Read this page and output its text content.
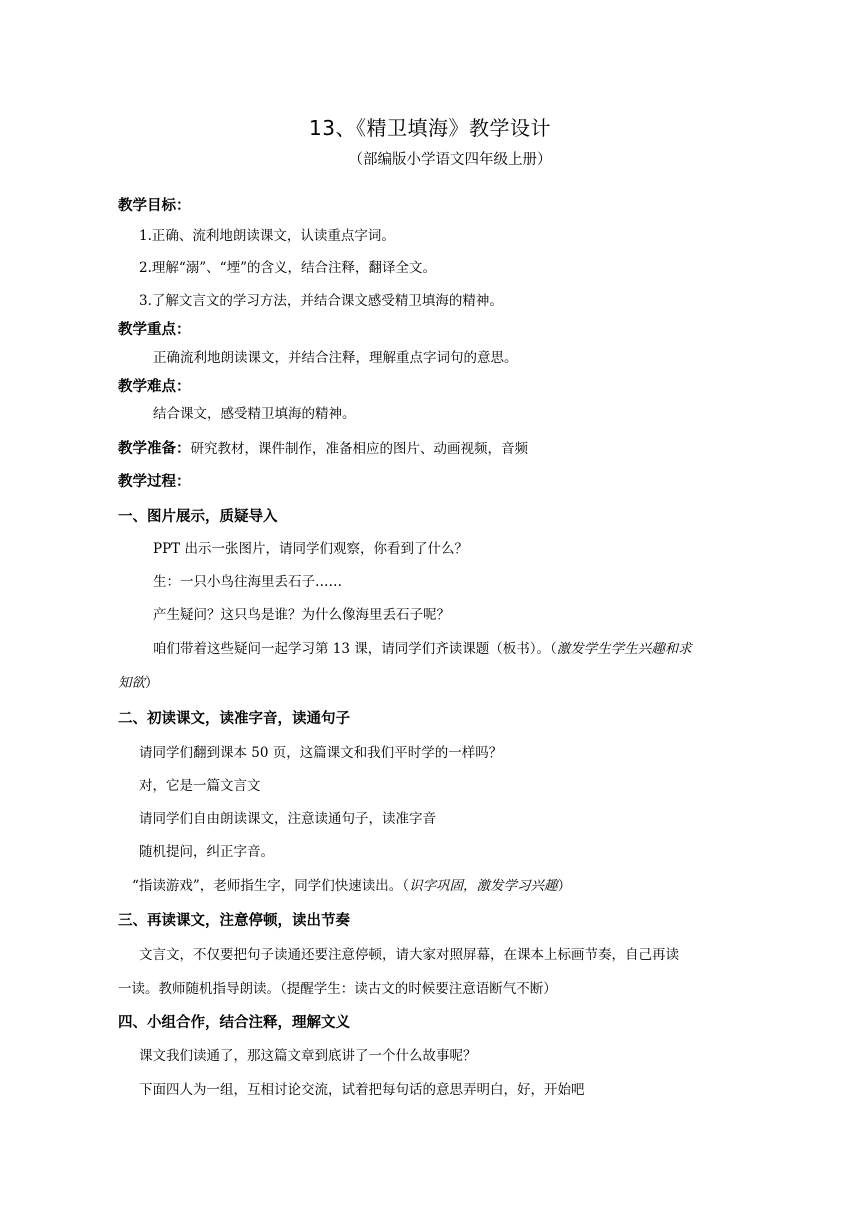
13、《精卫填海》教学设计
（部编版小学语文四年级上册）
教学目标：
1.正确、流利地朗读课文，认读重点字词。
2.理解“溺”、“堙”的含义，结合注释，翻译全文。
3.了解文言文的学习方法，并结合课文感受精卫填海的精神。
教学重点：
正确流利地朗读课文，并结合注释，理解重点字词句的意思。
教学难点：
结合课文，感受精卫填海的精神。
教学准备：研究教材，课件制作，准备相应的图片、动画视频，音频
教学过程：
一、图片展示，质疑导入
PPT 出示一张图片，请同学们观察，你看到了什么？
生：一只小鸟往海里丢石子……
产生疑问？这只鸟是谁？为什么像海里丢石子呢？
咱们带着这些疑问一起学习第 13 课，请同学们齐读课题（板书）。（激发学生学生兴趣和求
知欲）
二、初读课文，读准字音，读通句子
请同学们翻到课本 50 页，这篇课文和我们平时学的一样吗？
对，它是一篇文言文
请同学们自由朗读课文，注意读通句子，读准字音
随机提问，纠正字音。
“指读游戏”，老师指生字，同学们快速读出。（识字巩固，激发学习兴趣）
三、再读课文，注意停顿，读出节奏
文言文，不仅要把句子读通还要注意停顿，请大家对照屏幕，在课本上标画节奏，自己再读
一读。教师随机指导朗读。（提醒学生：读古文的时候要注意语断气不断）
四、小组合作，结合注释，理解文义
课文我们读通了，那这篇文章到底讲了一个什么故事呢？
下面四人为一组，互相讨论交流，试着把每句话的意思弄明白，好，开始吧
